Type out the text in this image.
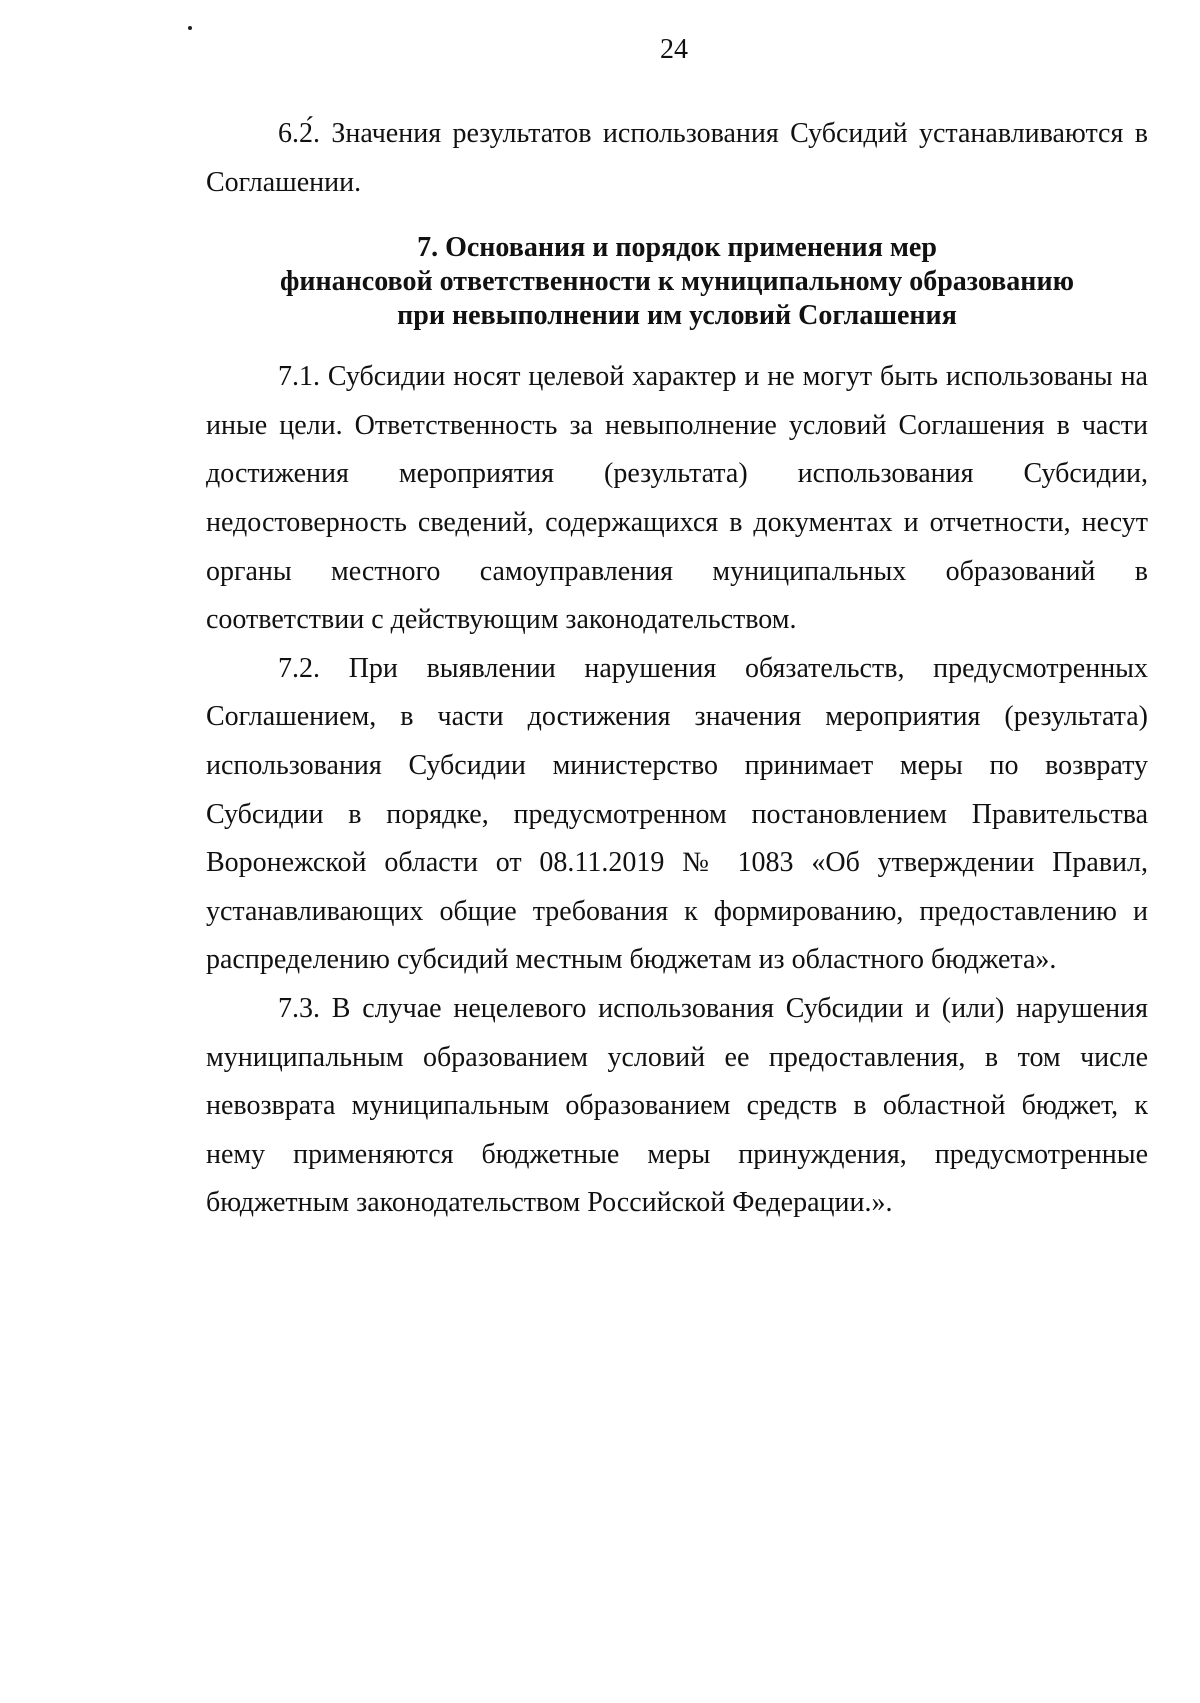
24

6.2́. Значения результатов использования Субсидий устанавливаются в Соглашении.

7. Основания и порядок применения мер
финансовой ответственности к муниципальному образованию
при невыполнении им условий Соглашения

7.1. Субсидии носят целевой характер и не могут быть использованы на иные цели. Ответственность за невыполнение условий Соглашения в части достижения мероприятия (результата) использования Субсидии, недостоверность сведений, содержащихся в документах и отчетности, несут органы местного самоуправления муниципальных образований в соответствии с действующим законодательством.

7.2. При выявлении нарушения обязательств, предусмотренных Соглашением, в части достижения значения мероприятия (результата) использования Субсидии министерство принимает меры по возврату Субсидии в порядке, предусмотренном постановлением Правительства Воронежской области от 08.11.2019 № 1083 «Об утверждении Правил, устанавливающих общие требования к формированию, предоставлению и распределению субсидий местным бюджетам из областного бюджета».

7.3. В случае нецелевого использования Субсидии и (или) нарушения муниципальным образованием условий ее предоставления, в том числе невозврата муниципальным образованием средств в областной бюджет, к нему применяются бюджетные меры принуждения, предусмотренные бюджетным законодательством Российской Федерации.».
